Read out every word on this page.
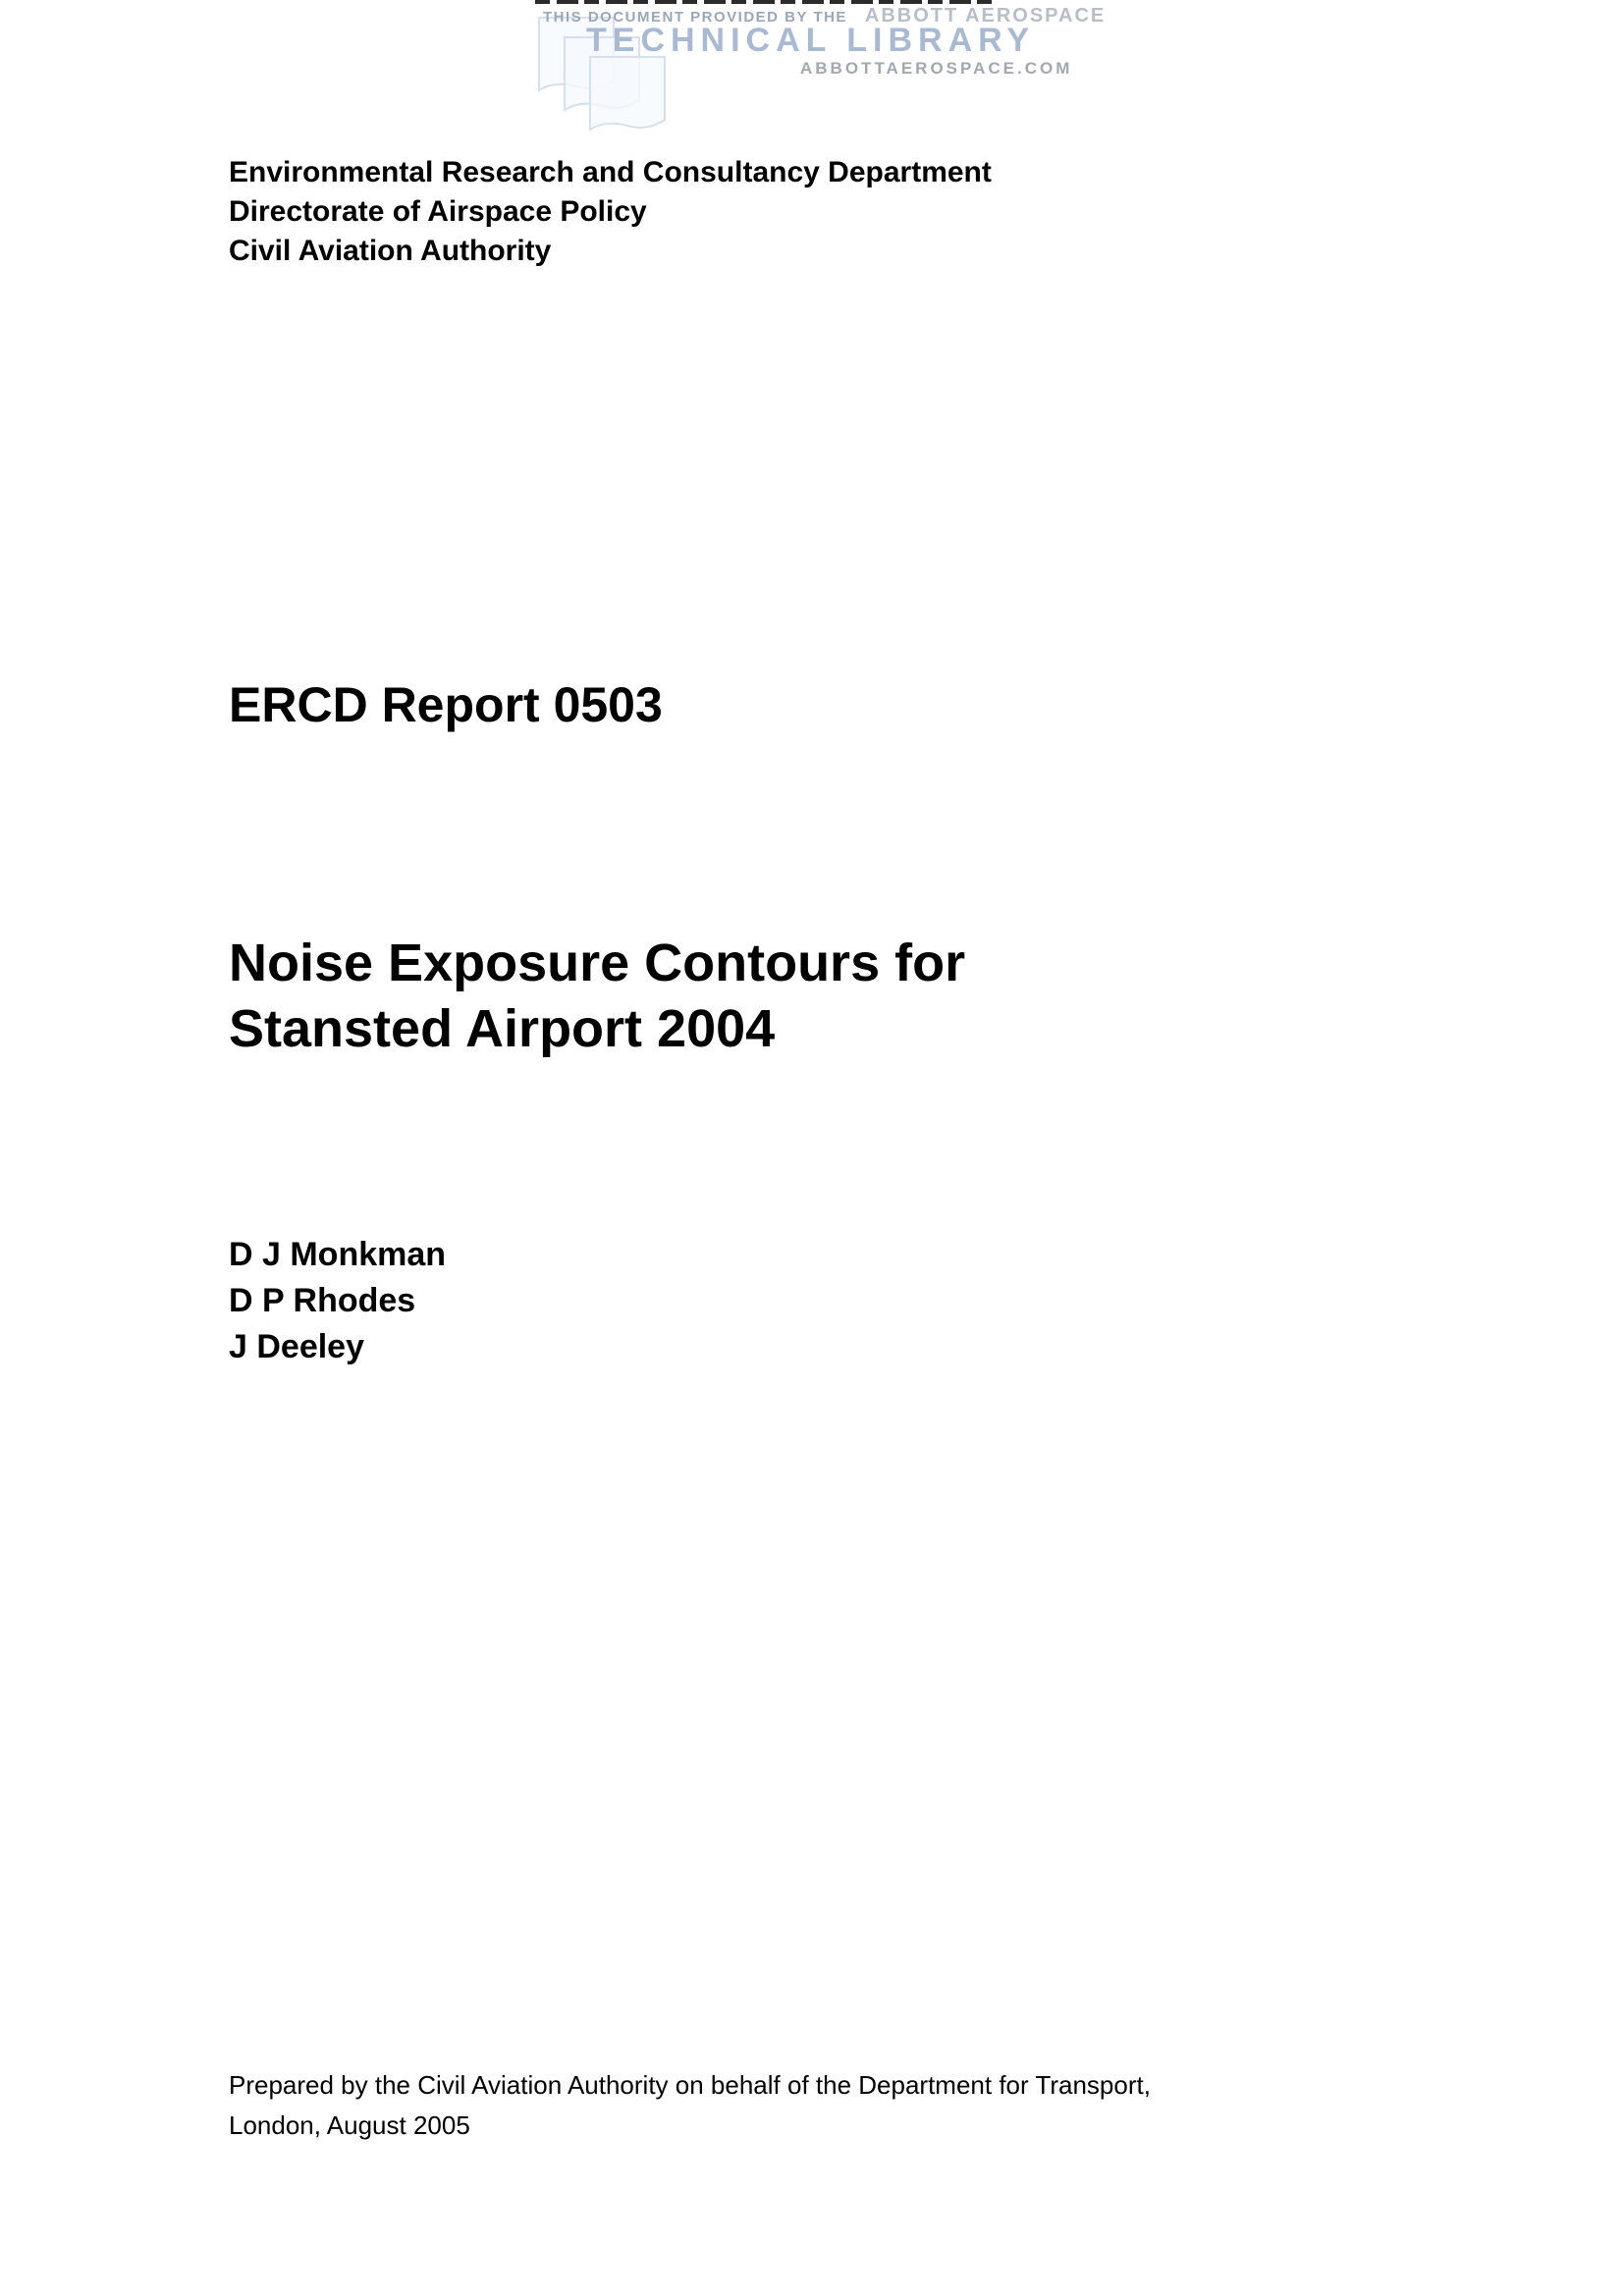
THIS DOCUMENT PROVIDED BY THE ABBOTT AEROSPACE
TECHNICAL LIBRARY
ABBOTTAEROSPACE.COM
Environmental Research and Consultancy Department
Directorate of Airspace Policy
Civil Aviation Authority
ERCD Report 0503
Noise Exposure Contours for
Stansted Airport 2004
D J Monkman
D P Rhodes
J Deeley
Prepared by the Civil Aviation Authority on behalf of the Department for Transport,
London, August 2005
